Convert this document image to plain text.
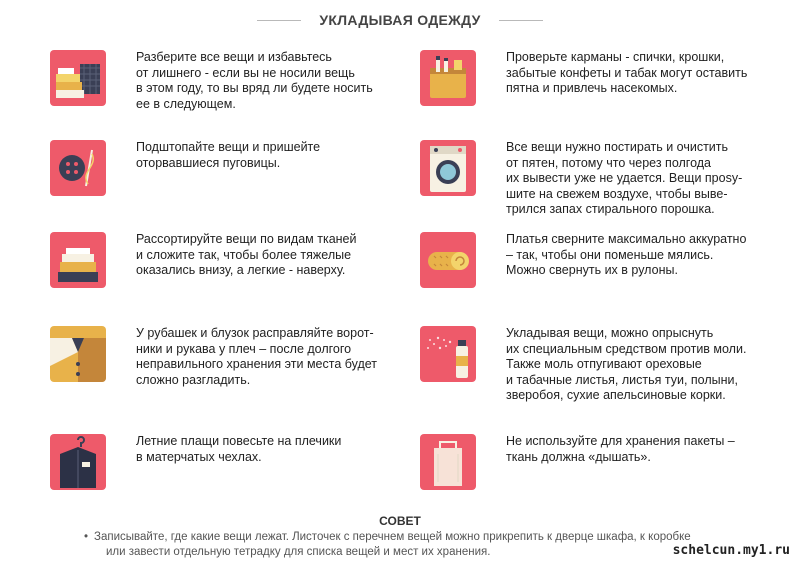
УКЛАДЫВАЯ ОДЕЖДУ
Разберите все вещи и избавьтесь
от лишнего - если вы не носили вещь
в этом году, то вы вряд ли будете носить
ее в следующем.
Подштопайте вещи и пришейте
оторвавшиеся пуговицы.
Рассортируйте вещи по видам тканей
и сложите так, чтобы более тяжелые
оказались внизу, а легкие - наверху.
У рубашек и блузок расправляйте ворот-
ники и рукава у плеч – после долгого
неправильного хранения эти места будет
сложно разгладить.
Летние плащи повесьте на плечики
в матерчатых чехлах.
Проверьте карманы - спички, крошки,
забытые конфеты и табак могут оставить
пятна и привлечь насекомых.
Все вещи нужно постирать и очистить
от пятен, потому что через полгода
их вывести уже не удается. Вещи прosy-
шите на свежем воздухе, чтобы выве-
трился запах стирального порошка.
Платья сверните максимально аккуратно
– так, чтобы они поменьше мялись.
Можно свернуть их в рулоны.
Укладывая вещи, можно опрыснуть
их специальным средством против моли.
Также моль отпугивают ореховые
и табачные листья, листья туи, полыни,
зверобоя, сухие апельсиновые корки.
Не используйте для хранения пакеты –
ткань должна «дышать».
СОВЕТ
• Записывайте, где какие вещи лежат. Листочек с перечнем вещей можно прикрепить к дверце шкафа, к коробке
или завести отдельную тетрадку для списка вещей и мест их хранения.	schelcun.my1.ru
